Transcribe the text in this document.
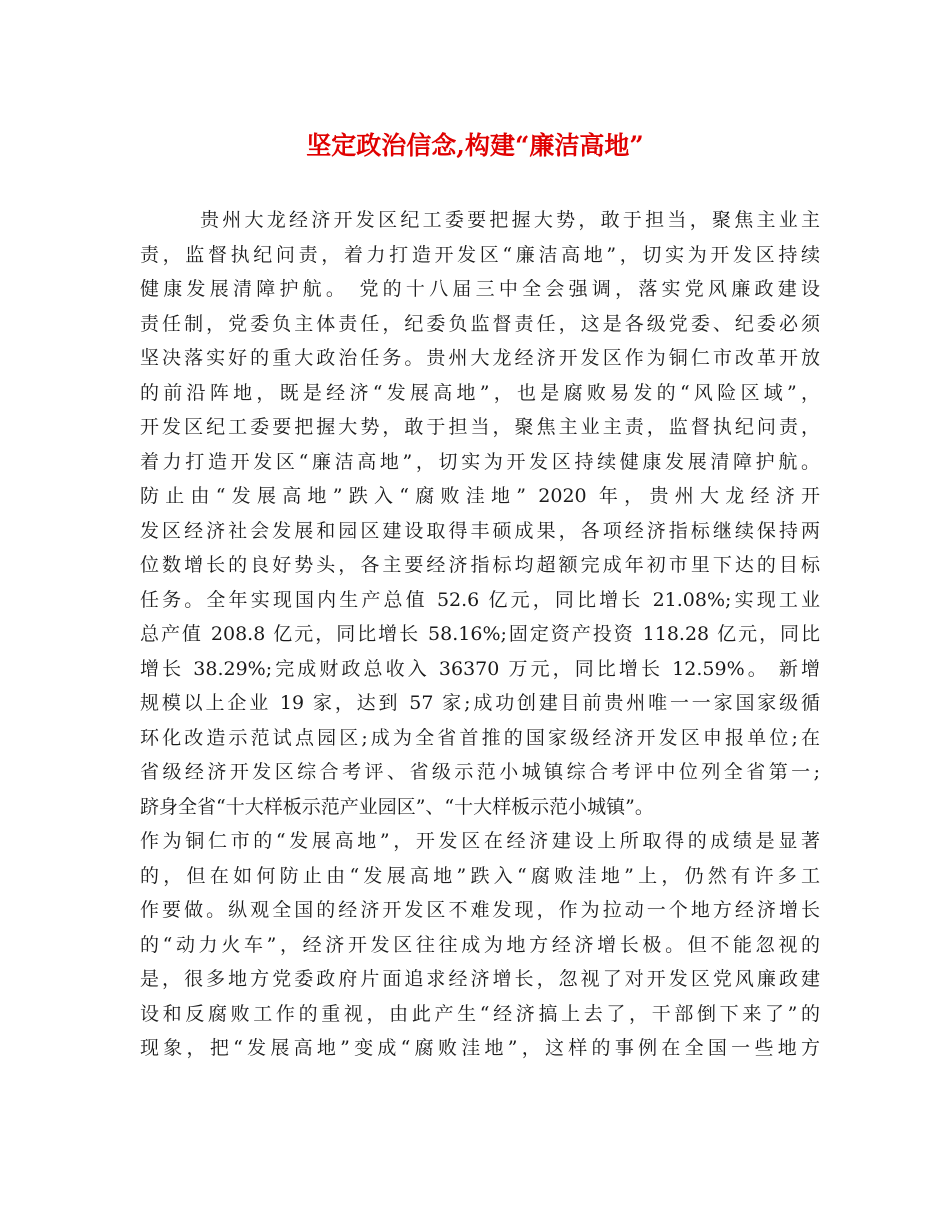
坚定政治信念,构建“廉洁高地”
贵州大龙经济开发区纪工委要把握大势，敢于担当，聚焦主业主
责，监督执纪问责，着力打造开发区“廉洁高地”，切实为开发区持续
健康发展清障护航。 党的十八届三中全会强调，落实党风廉政建设
责任制，党委负主体责任，纪委负监督责任，这是各级党委、纪委必须
坚决落实好的重大政治任务。贵州大龙经济开发区作为铜仁市改革开放
的前沿阵地，既是经济“发展高地”，也是腐败易发的“风险区域”，
开发区纪工委要把握大势，敢于担当，聚焦主业主责，监督执纪问责，
着力打造开发区“廉洁高地”，切实为开发区持续健康发展清障护航。
防止由“发展高地”跌入“腐败洼地” 2020 年，贵州大龙经济开
发区经济社会发展和园区建设取得丰硕成果，各项经济指标继续保持两
位数增长的良好势头，各主要经济指标均超额完成年初市里下达的目标
任务。全年实现国内生产总值 52.6 亿元，同比增长 21.08%;实现工业
总产值 208.8 亿元，同比增长 58.16%;固定资产投资 118.28 亿元，同比
增长 38.29%;完成财政总收入 36370 万元，同比增长 12.59%。 新增
规模以上企业 19 家，达到 57 家;成功创建目前贵州唯一一家国家级循
环化改造示范试点园区;成为全省首推的国家级经济开发区申报单位;在
省级经济开发区综合考评、省级示范小城镇综合考评中位列全省第一;
跻身全省“十大样板示范产业园区”、“十大样板示范小城镇”。
作为铜仁市的“发展高地”，开发区在经济建设上所取得的成绩是显著
的，但在如何防止由“发展高地”跌入“腐败洼地”上，仍然有许多工
作要做。纵观全国的经济开发区不难发现，作为拉动一个地方经济增长
的“动力火车”，经济开发区往往成为地方经济增长极。但不能忽视的
是，很多地方党委政府片面追求经济增长，忽视了对开发区党风廉政建
设和反腐败工作的重视，由此产生“经济搞上去了，干部倒下来了”的
现象，把“发展高地”变成“腐败洼地”，这样的事例在全国一些地方
